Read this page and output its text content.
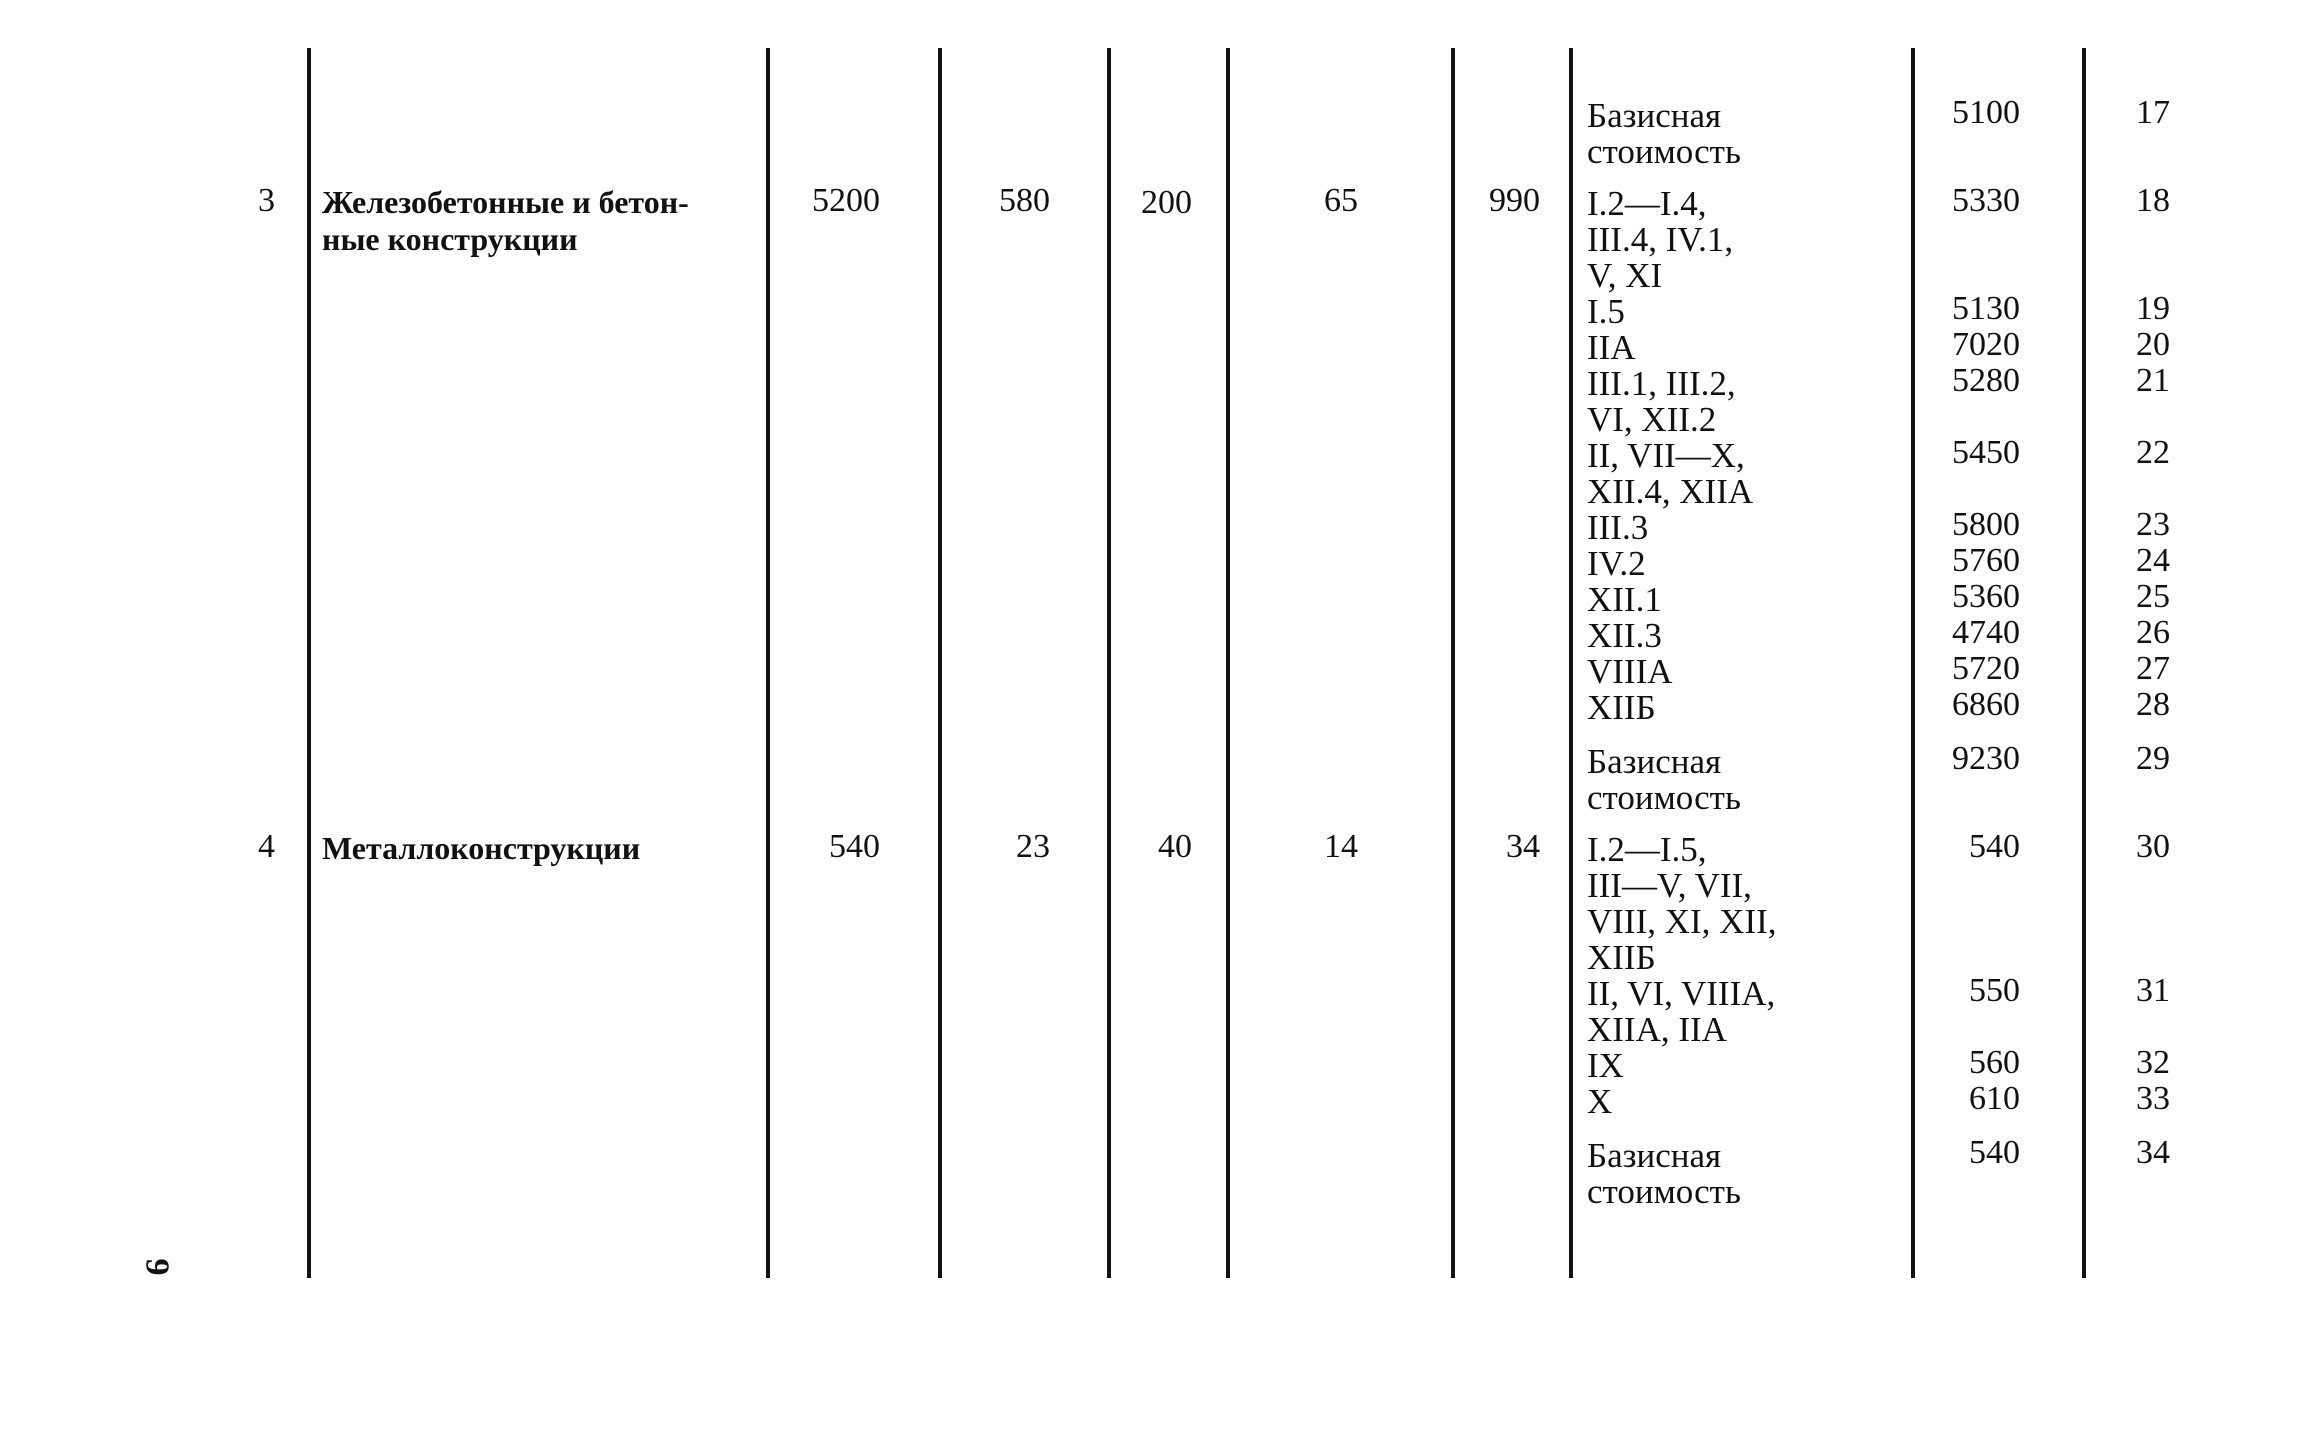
3 Железобетонные и бетон-
ные конструкции
5200	580	200	65	990
4 Металлоконструкции	540	23	40	14	34
Базисная
стоимость
5100	17
I.2—I.4,
III.4, IV.1,
V, XI
5330	18
I.5	5130	19
IIA	7020	20
III.1, III.2,
VI, XII.2
5280	21
II, VII—X,
XII.4, XIIA
5450	22
III.3	5800	23
IV.2	5760	24
XII.1	5360	25
XII.3	4740	26
VIIIA	5720	27
XIIБ	6860	28
Базисная
стоимость
9230	29
I.2—I.5,
III—V, VII,
VIII, XI, XII,
XIIБ
540	30
II, VI, VIIIA,
XIIA, IIA
550	31
IX	560	32
X	610	33
Базисная
стоимость
540	34
9
